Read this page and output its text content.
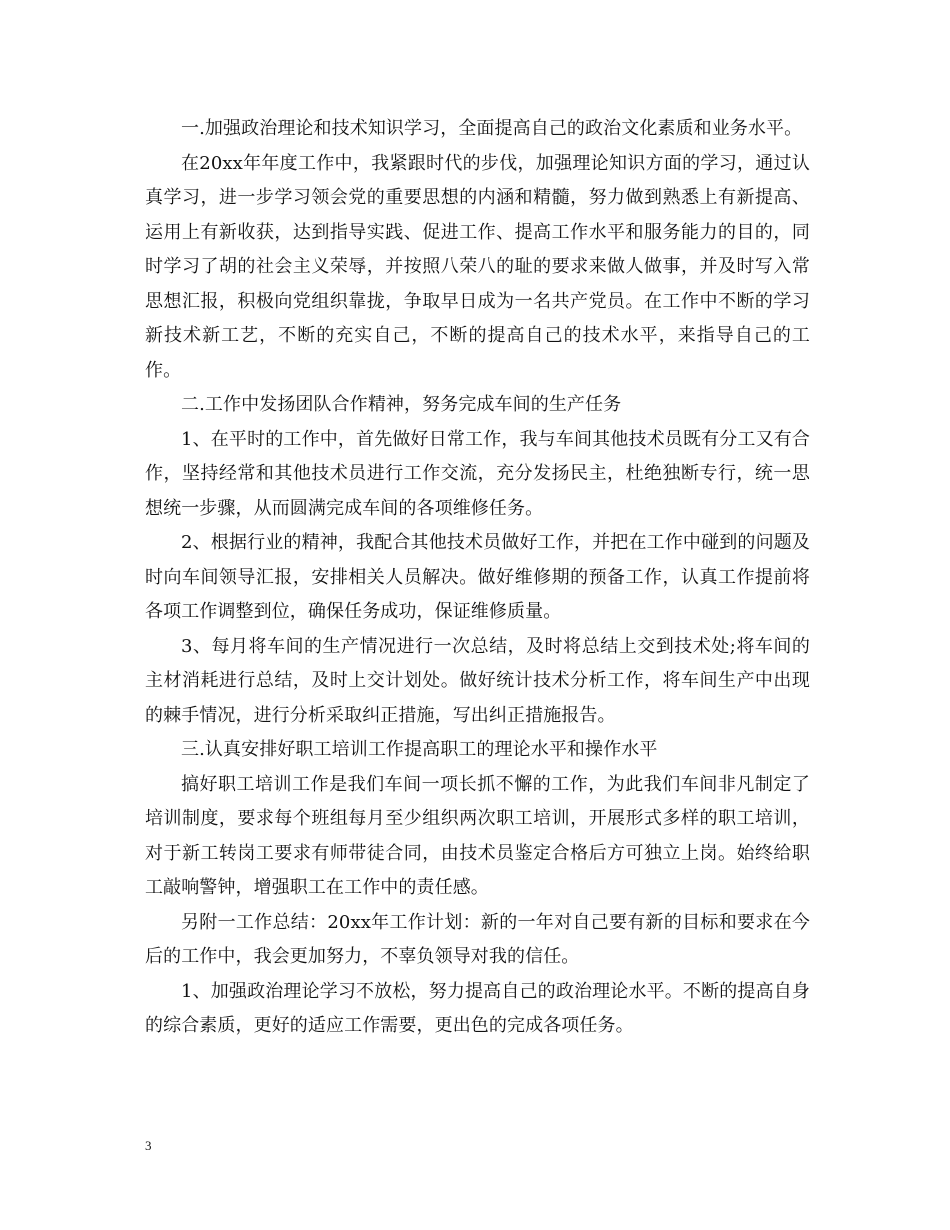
一.加强政治理论和技术知识学习，全面提高自己的政治文化素质和业务水平。

在20xx年年度工作中，我紧跟时代的步伐，加强理论知识方面的学习，通过认真学习，进一步学习领会党的重要思想的内涵和精髓，努力做到熟悉上有新提高、运用上有新收获，达到指导实践、促进工作、提高工作水平和服务能力的目的，同时学习了胡的社会主义荣辱，并按照八荣八的耻的要求来做人做事，并及时写入常思想汇报，积极向党组织靠拢，争取早日成为一名共产党员。在工作中不断的学习新技术新工艺，不断的充实自己，不断的提高自己的技术水平，来指导自己的工作。

二.工作中发扬团队合作精神，努务完成车间的生产任务

1、在平时的工作中，首先做好日常工作，我与车间其他技术员既有分工又有合作，坚持经常和其他技术员进行工作交流，充分发扬民主，杜绝独断专行，统一思想统一步骤，从而圆满完成车间的各项维修任务。

2、根据行业的精神，我配合其他技术员做好工作，并把在工作中碰到的问题及时向车间领导汇报，安排相关人员解决。做好维修期的预备工作，认真工作提前将各项工作调整到位，确保任务成功，保证维修质量。

3、每月将车间的生产情况进行一次总结，及时将总结上交到技术处;将车间的主材消耗进行总结，及时上交计划处。做好统计技术分析工作，将车间生产中出现的棘手情况，进行分析采取纠正措施，写出纠正措施报告。

三.认真安排好职工培训工作提高职工的理论水平和操作水平

搞好职工培训工作是我们车间一项长抓不懈的工作，为此我们车间非凡制定了培训制度，要求每个班组每月至少组织两次职工培训，开展形式多样的职工培训，对于新工转岗工要求有师带徒合同，由技术员鉴定合格后方可独立上岗。始终给职工敲响警钟，增强职工在工作中的责任感。

另附一工作总结：20xx年工作计划：新的一年对自己要有新的目标和要求在今后的工作中，我会更加努力，不辜负领导对我的信任。

1、加强政治理论学习不放松，努力提高自己的政治理论水平。不断的提高自身的综合素质，更好的适应工作需要，更出色的完成各项任务。

3
